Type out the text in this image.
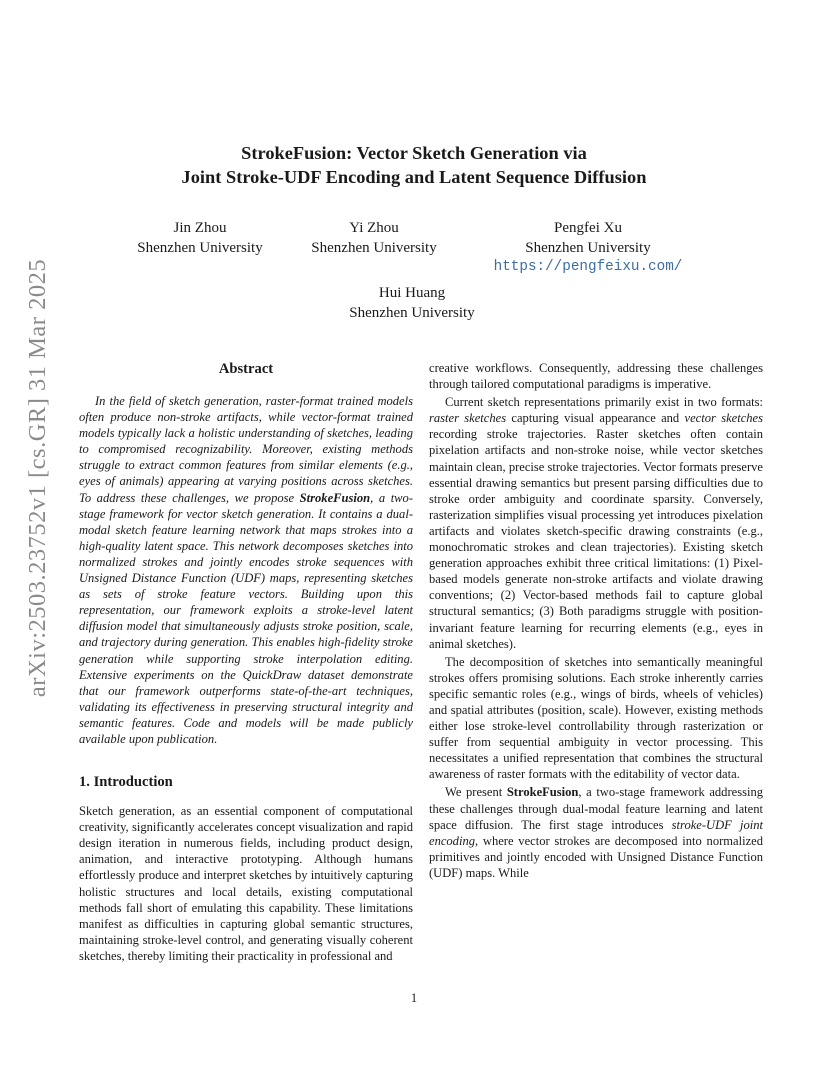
arXiv:2503.23752v1 [cs.GR] 31 Mar 2025
StrokeFusion: Vector Sketch Generation via
Joint Stroke-UDF Encoding and Latent Sequence Diffusion
Jin Zhou
Shenzhen University
Yi Zhou
Shenzhen University
Pengfei Xu
Shenzhen University
https://pengfeixu.com/
Hui Huang
Shenzhen University
Abstract

In the field of sketch generation, raster-format trained models often produce non-stroke artifacts, while vector-format trained models typically lack a holistic understanding of sketches, leading to compromised recognizability. Moreover, existing methods struggle to extract common features from similar elements (e.g., eyes of animals) appearing at varying positions across sketches. To address these challenges, we propose StrokeFusion, a two-stage framework for vector sketch generation. It contains a dual-modal sketch feature learning network that maps strokes into a high-quality latent space. This network decomposes sketches into normalized strokes and jointly encodes stroke sequences with Unsigned Distance Function (UDF) maps, representing sketches as sets of stroke feature vectors. Building upon this representation, our framework exploits a stroke-level latent diffusion model that simultaneously adjusts stroke position, scale, and trajectory during generation. This enables high-fidelity stroke generation while supporting stroke interpolation editing. Extensive experiments on the QuickDraw dataset demonstrate that our framework outperforms state-of-the-art techniques, validating its effectiveness in preserving structural integrity and semantic features. Code and models will be made publicly available upon publication.

1. Introduction

Sketch generation, as an essential component of computational creativity, significantly accelerates concept visualization and rapid design iteration in numerous fields, including product design, animation, and interactive prototyping. Although humans effortlessly produce and interpret sketches by intuitively capturing holistic structures and local details, existing computational methods fall short of emulating this capability. These limitations manifest as difficulties in capturing global semantic structures, maintaining stroke-level control, and generating visually coherent sketches, thereby limiting their practicality in professional and

1

creative workflows. Consequently, addressing these challenges through tailored computational paradigms is imperative.

Current sketch representations primarily exist in two formats: raster sketches capturing visual appearance and vector sketches recording stroke trajectories. Raster sketches often contain pixelation artifacts and non-stroke noise, while vector sketches maintain clean, precise stroke trajectories. Vector formats preserve essential drawing semantics but present parsing difficulties due to stroke order ambiguity and coordinate sparsity. Conversely, rasterization simplifies visual processing yet introduces pixelation artifacts and violates sketch-specific drawing constraints (e.g., monochromatic strokes and clean trajectories). Existing sketch generation approaches exhibit three critical limitations: (1) Pixel-based models generate non-stroke artifacts and violate drawing conventions; (2) Vector-based methods fail to capture global structural semantics; (3) Both paradigms struggle with position-invariant feature learning for recurring elements (e.g., eyes in animal sketches).

The decomposition of sketches into semantically meaningful strokes offers promising solutions. Each stroke inherently carries specific semantic roles (e.g., wings of birds, wheels of vehicles) and spatial attributes (position, scale). However, existing methods either lose stroke-level controllability through rasterization or suffer from sequential ambiguity in vector processing. This necessitates a unified representation that combines the structural awareness of raster formats with the editability of vector data.

We present StrokeFusion, a two-stage framework addressing these challenges through dual-modal feature learning and latent space diffusion. The first stage introduces stroke-UDF joint encoding, where vector strokes are decomposed into normalized primitives and jointly encoded with Unsigned Distance Function (UDF) maps. While
